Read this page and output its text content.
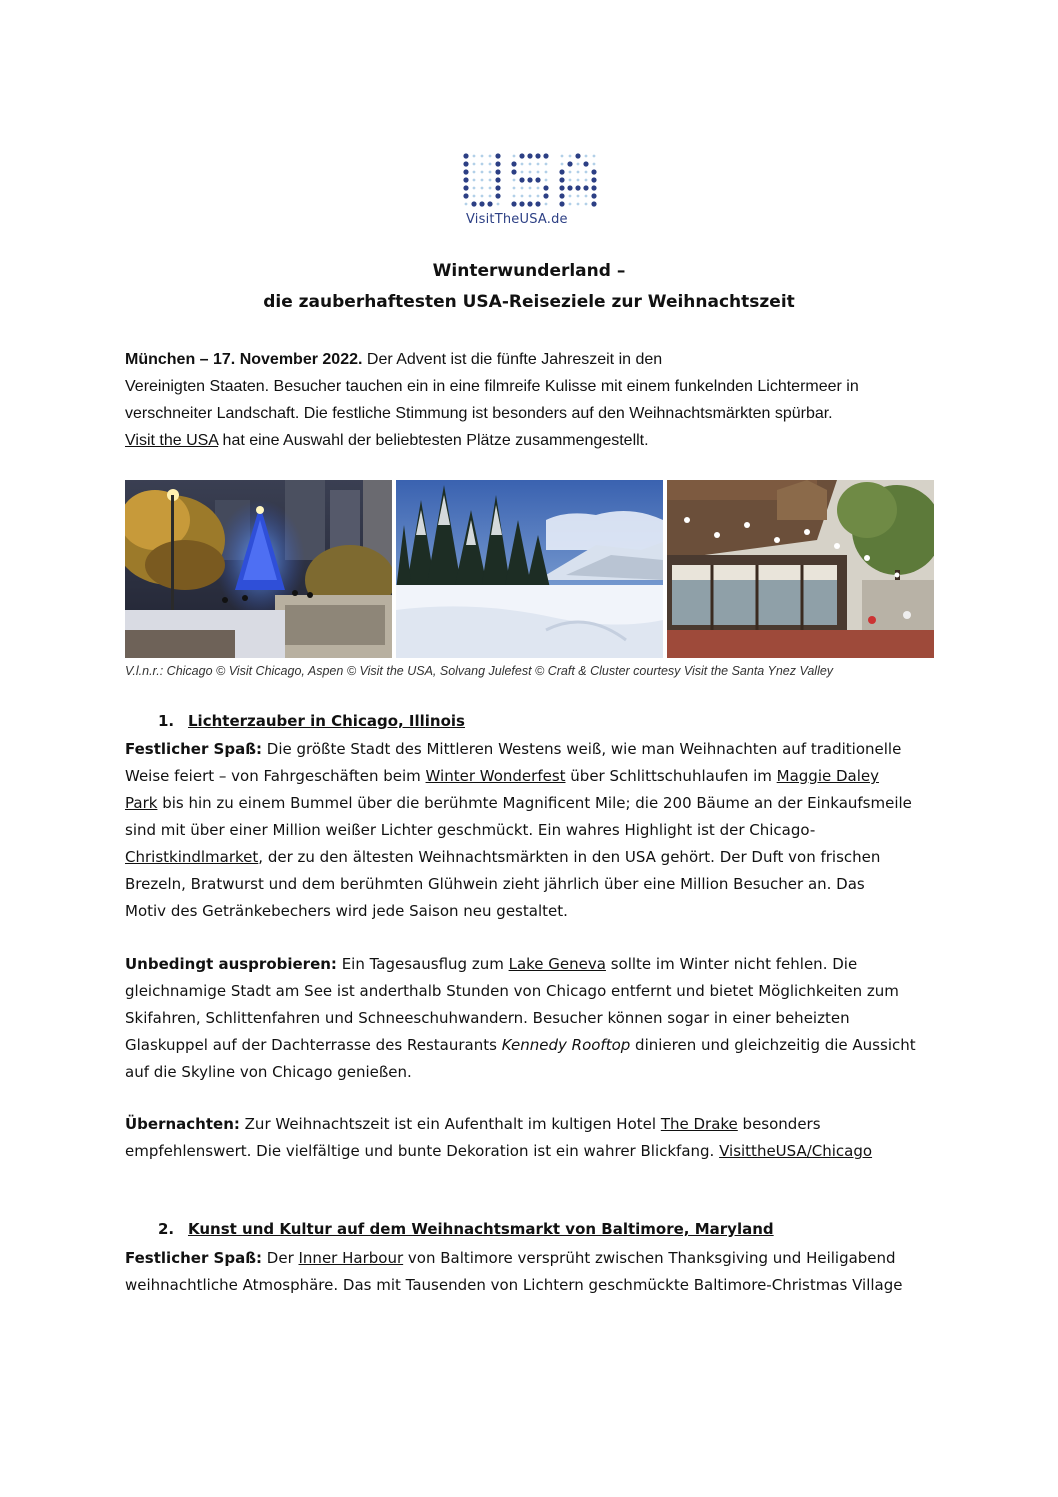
VisitTheUSA.de
Winterwunderland –
die zauberhaftesten USA-Reiseziele zur Weihnachtszeit
München – 17. November 2022. Der Advent ist die fünfte Jahreszeit in den
Vereinigten Staaten. Besucher tauchen ein in eine filmreife Kulisse mit einem funkelnden Lichtermeer in
verschneiter Landschaft. Die festliche Stimmung ist besonders auf den Weihnachtsmärkten spürbar.
Visit the USA hat eine Auswahl der beliebtesten Plätze zusammengestellt.
V.l.n.r.: Chicago © Visit Chicago, Aspen © Visit the USA, Solvang Julefest © Craft & Cluster courtesy Visit the Santa Ynez Valley
1. Lichterzauber in Chicago, Illinois
Festlicher Spaß: Die größte Stadt des Mittleren Westens weiß, wie man Weihnachten auf traditionelle
Weise feiert – von Fahrgeschäften beim Winter Wonderfest über Schlittschuhlaufen im Maggie Daley
Park bis hin zu einem Bummel über die berühmte Magnificent Mile; die 200 Bäume an der Einkaufsmeile
sind mit über einer Million weißer Lichter geschmückt. Ein wahres Highlight ist der Chicago-
Christkindlmarket, der zu den ältesten Weihnachtsmärkten in den USA gehört. Der Duft von frischen
Brezeln, Bratwurst und dem berühmten Glühwein zieht jährlich über eine Million Besucher an. Das
Motiv des Getränkebechers wird jede Saison neu gestaltet.
Unbedingt ausprobieren: Ein Tagesausflug zum Lake Geneva sollte im Winter nicht fehlen. Die
gleichnamige Stadt am See ist anderthalb Stunden von Chicago entfernt und bietet Möglichkeiten zum
Skifahren, Schlittenfahren und Schneeschuhwandern. Besucher können sogar in einer beheizten
Glaskuppel auf der Dachterrasse des Restaurants Kennedy Rooftop dinieren und gleichzeitig die Aussicht
auf die Skyline von Chicago genießen.
Übernachten: Zur Weihnachtszeit ist ein Aufenthalt im kultigen Hotel The Drake besonders
empfehlenswert. Die vielfältige und bunte Dekoration ist ein wahrer Blickfang. VisittheUSA/Chicago
2. Kunst und Kultur auf dem Weihnachtsmarkt von Baltimore, Maryland
Festlicher Spaß: Der Inner Harbour von Baltimore versprüht zwischen Thanksgiving und Heiligabend
weihnachtliche Atmosphäre. Das mit Tausenden von Lichtern geschmückte Baltimore-Christmas Village
